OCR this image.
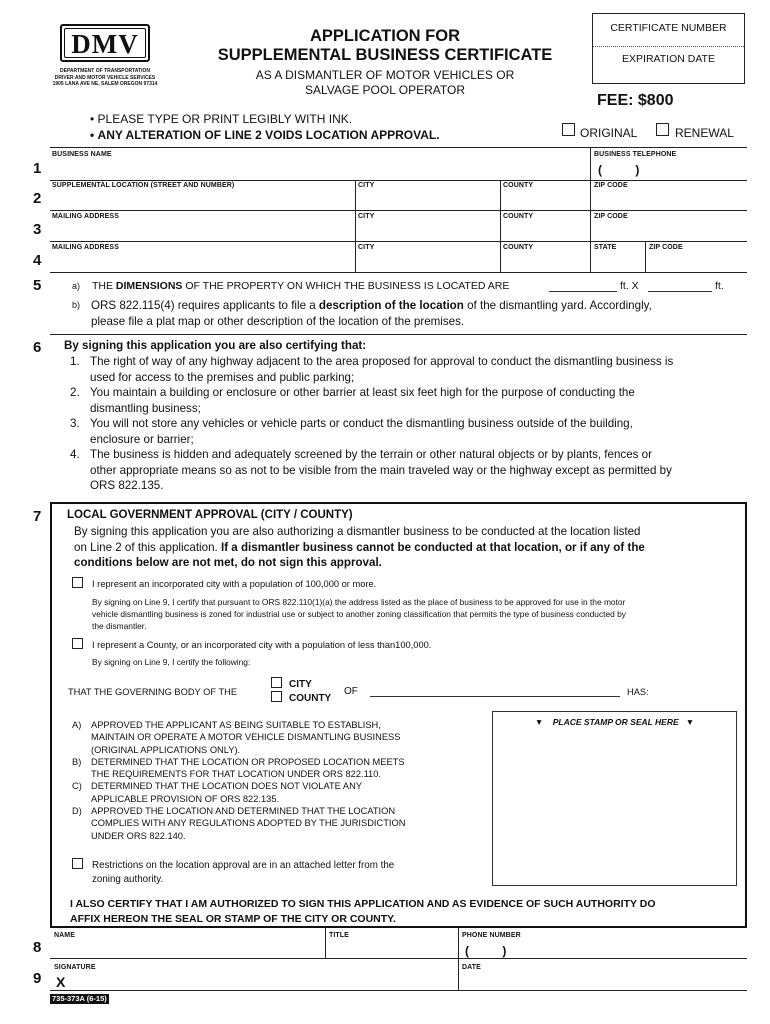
DMV
DEPARTMENT OF TRANSPORTATION
DRIVER AND MOTOR VEHICLE SERVICES
1905 LANA AVE NE, SALEM OREGON 97314
APPLICATION FOR
SUPPLEMENTAL BUSINESS CERTIFICATE
AS A DISMANTLER OF MOTOR VEHICLES OR
SALVAGE POOL OPERATOR
CERTIFICATE NUMBER
EXPIRATION DATE
FEE: $800
• PLEASE TYPE OR PRINT LEGIBLY WITH INK.
• ANY ALTERATION OF LINE 2 VOIDS LOCATION APPROVAL.	ORIGINAL	RENEWAL
1
2
3
4
BUSINESS NAME	BUSINESS TELEPHONE
(          )
SUPPLEMENTAL LOCATION (STREET AND NUMBER)	CITY	COUNTY	ZIP CODE
MAILING ADDRESS	CITY	COUNTY	ZIP CODE
MAILING ADDRESS	CITY	COUNTY	STATE	ZIP CODE
5	a) THE DIMENSIONS OF THE PROPERTY ON WHICH THE BUSINESS IS LOCATED ARE	ft. X	ft.
b) ORS 822.115(4) requires applicants to file a description of the location of the dismantling yard. Accordingly,
please file a plat map or other description of the location of the premises.
6 By signing this application you are also certifying that:
1. The right of way of any highway adjacent to the area proposed for approval to conduct the dismantling business is
used for access to the premises and public parking;
2. You maintain a building or enclosure or other barrier at least six feet high for the purpose of conducting the
dismantling business;
3. You will not store any vehicles or vehicle parts or conduct the dismantling business outside of the building,
enclosure or barrier;
4. The business is hidden and adequately screened by the terrain or other natural objects or by plants, fences or
other appropriate means so as not to be visible from the main traveled way or the highway except as permitted by
ORS 822.135.
7 LOCAL GOVERNMENT APPROVAL (CITY / COUNTY)
By signing this application you are also authorizing a dismantler business to be conducted at the location listed
on Line 2 of this application. If a dismantler business cannot be conducted at that location, or if any of the
conditions below are not met, do not sign this approval.
I represent an incorporated city with a population of 100,000 or more.
By signing on Line 9, I certify that pursuant to ORS 822.110(1)(a) the address listed as the place of business to be approved for use in the motor
vehicle dismantling business is zoned for industrial use or subject to another zoning classification that permits the type of business conducted by
the dismantler.
I represent a County, or an incorporated city with a population of less than100,000.
By signing on Line 9, I certify the following:
THAT THE GOVERNING BODY OF THE
CITY
COUNTY
OF	HAS:
▼ PLACE STAMP OR SEAL HERE ▼
A)	APPROVED THE APPLICANT AS BEING SUITABLE TO ESTABLISH,
MAINTAIN OR OPERATE A MOTOR VEHICLE DISMANTLING BUSINESS
(ORIGINAL APPLICATIONS ONLY).
B)	DETERMINED THAT THE LOCATION OR PROPOSED LOCATION MEETS
THE REQUIREMENTS FOR THAT LOCATION UNDER ORS 822.110.
C) DETERMINED THAT THE LOCATION DOES NOT VIOLATE ANY
APPLICABLE PROVISION OF ORS 822.135.
D) APPROVED THE LOCATION AND DETERMINED THAT THE LOCATION
COMPLIES WITH ANY REGULATIONS ADOPTED BY THE JURISDICTION
UNDER ORS 822.140.
Restrictions on the location approval are in an attached letter from the
zoning authority.
I ALSO CERTIFY THAT I AM AUTHORIZED TO SIGN THIS APPLICATION AND AS EVIDENCE OF SUCH AUTHORITY DO
AFFIX HEREON THE SEAL OR STAMP OF THE CITY OR COUNTY.
8
9
NAME	TITLE	PHONE NUMBER
(          )
SIGNATURE
X
DATE
735-373A (6-15)
